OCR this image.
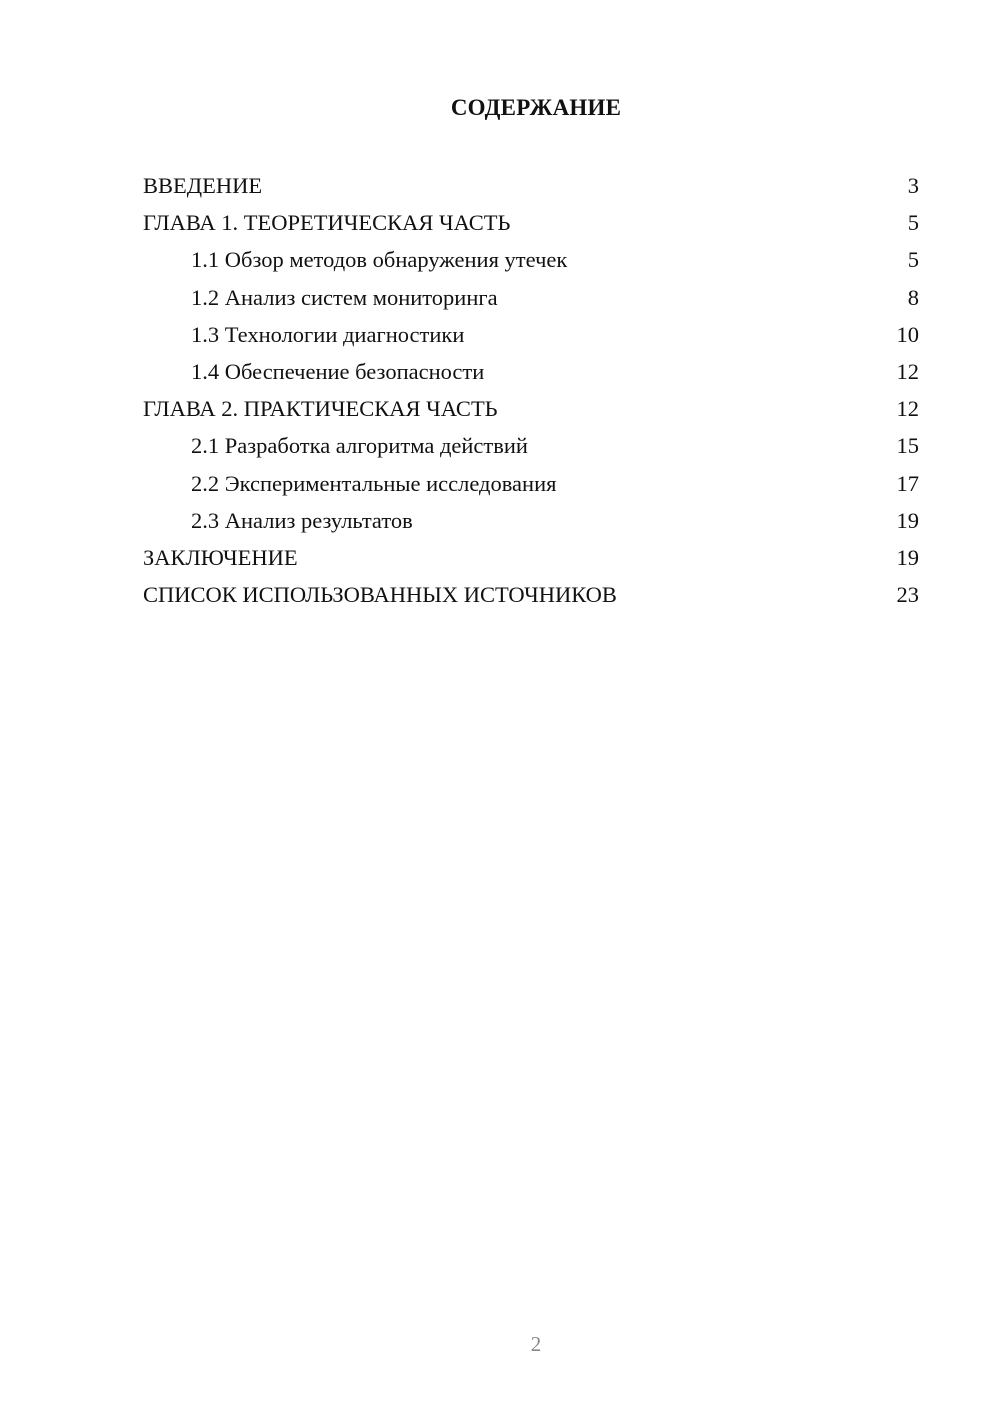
СОДЕРЖАНИЕ
ВВЕДЕНИЕ	3
ГЛАВА 1. ТЕОРЕТИЧЕСКАЯ ЧАСТЬ	5
1.1 Обзор методов обнаружения утечек	5
1.2 Анализ систем мониторинга	8
1.3 Технологии диагностики	10
1.4 Обеспечение безопасности	12
ГЛАВА 2. ПРАКТИЧЕСКАЯ ЧАСТЬ	12
2.1 Разработка алгоритма действий	15
2.2 Экспериментальные исследования	17
2.3 Анализ результатов	19
ЗАКЛЮЧЕНИЕ	19
СПИСОК ИСПОЛЬЗОВАННЫХ ИСТОЧНИКОВ	23
2
